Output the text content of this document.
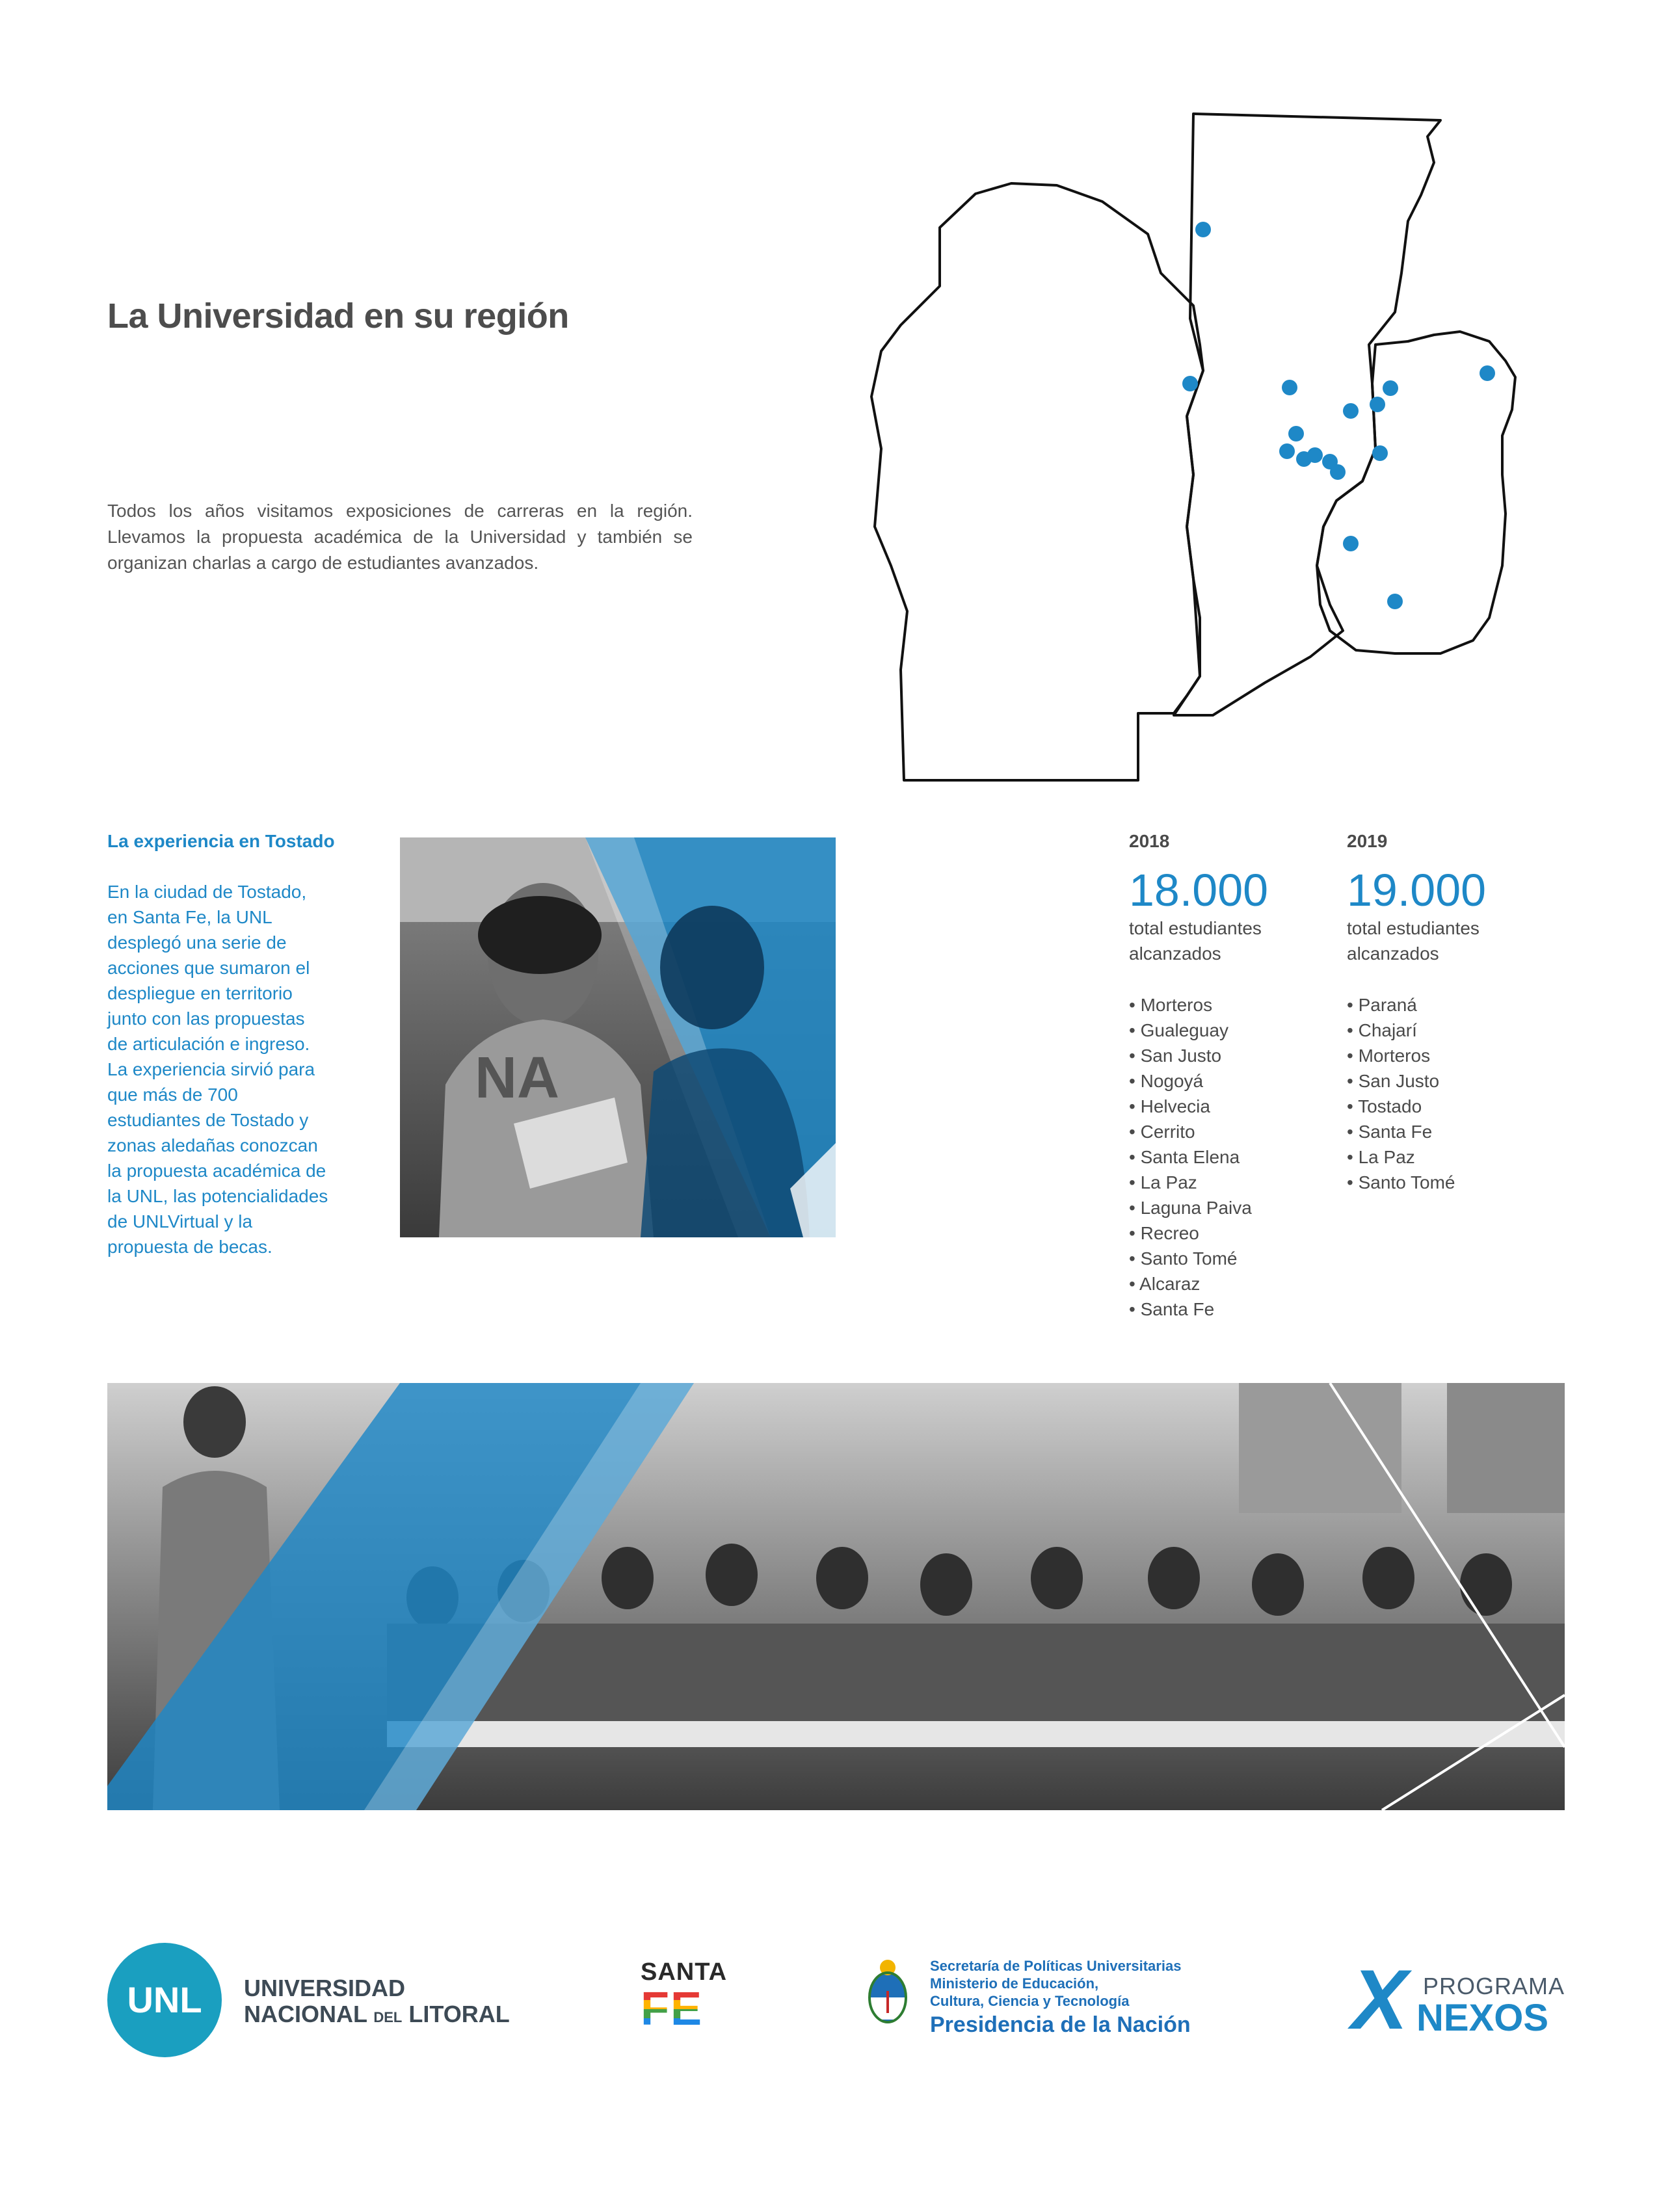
La Universidad en su región
Todos los años visitamos exposiciones de carreras en la región. Llevamos la propuesta académica de la Universidad y también se organizan charlas a cargo de estudiantes avanzados.
La experiencia en Tostado
En la ciudad de Tostado, en Santa Fe, la UNL desplegó una serie de acciones que sumaron el despliegue en territorio junto con las propuestas de articulación e ingreso. La experiencia sirvió para que más de 700 estudiantes de Tostado y zonas aledañas conozcan la propuesta académica de la UNL, las potencialidades de UNLVirtual y la propuesta de becas.
NA
2018
18.000
total estudiantes alcanzados
• Morteros
• Gualeguay
• San Justo
• Nogoyá
• Helvecia
• Cerrito
• Santa Elena
• La Paz
• Laguna Paiva
• Recreo
• Santo Tomé
• Alcaraz
• Santa Fe
2019
19.000
total estudiantes alcanzados
• Paraná
• Chajarí
• Morteros
• San Justo
• Tostado
• Santa Fe
• La Paz
• Santo Tomé
UNL	UNIVERSIDAD
NACIONAL DEL LITORAL
SANTA
FE
Secretaría de Políticas Universitarias
Ministerio de Educación,
Cultura, Ciencia y Tecnología
Presidencia de la Nación X PROGRAMA
NEXOS
